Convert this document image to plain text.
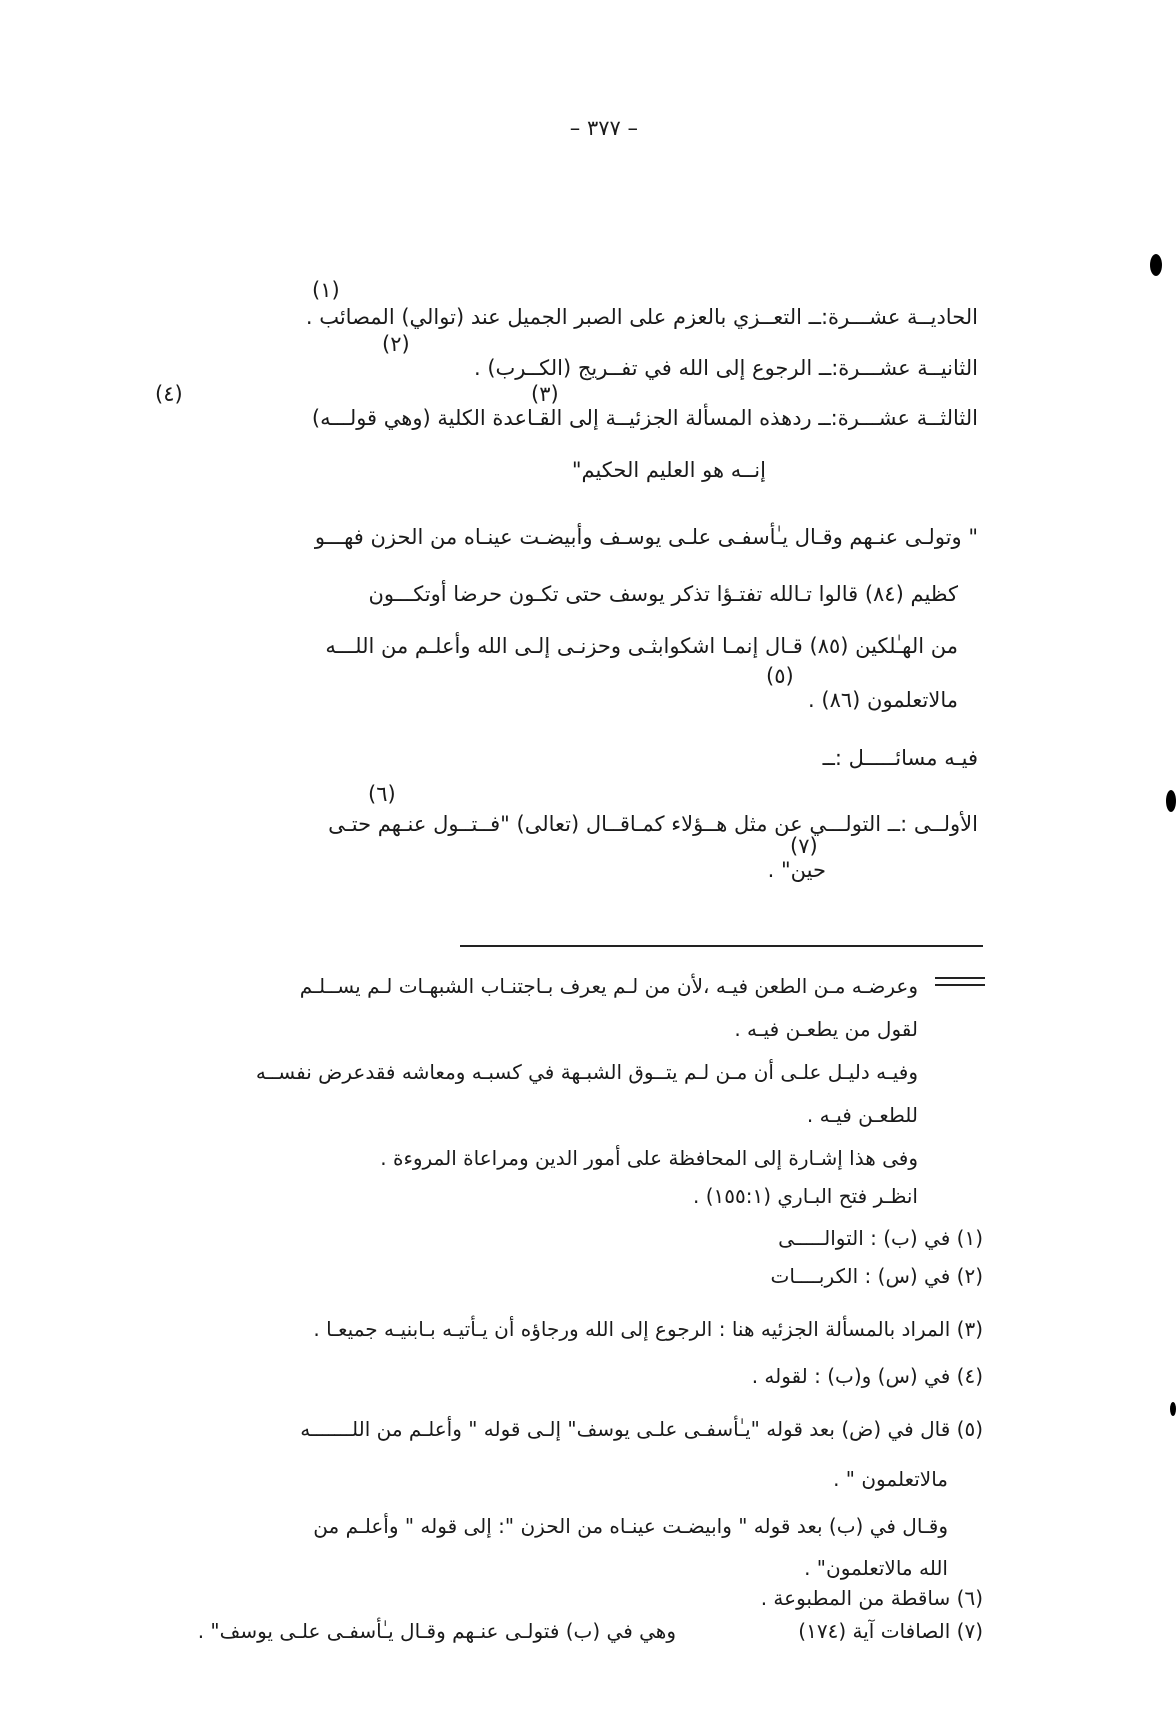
– ٣٧٧ –
(١)
الحاديــة عشـــرة:ــ التعــزي بالعزم على الصبر الجميل عند (توالي) المصائب .
(٢)
الثانيــة عشـــرة:ــ الرجوع إلى الله في تفــريج (الكــرب) .
(٣)
(٤)
الثالثــة عشـــرة:ــ ردهذه المسألة الجزئيــة إلى القـاعدة الكلية (وهي قولـــه)
إنــه هو العليم الحكيم"
" وتولـى عنـهم وقـال يـٰأسفـى علـى يوسـف وأبيضـت عينـاه من الحزن فهـــو
كظيم (٨٤) قالوا تـالله تفتـؤا تذكر يوسف حتى تكـون حرضا أوتكـــون
من الهـٰلكين (٨٥) قـال إنمـا اشكوابثـى وحزنـى إلـى الله وأعلـم من اللـــه
(٥)
مالاتعلمون (٨٦) .
فيـه مسائـــــل :ــ
(٦)
الأولــى :ــ التولـــي عن مثل هــؤلاء كمـاقــال (تعالى) "فــتــول عنـهم حتـى
(٧)
حين" .
وعرضـه مـن الطعن فيـه ،لأن من لـم يعرف بـاجتنـاب الشبهـات لـم يســلـم
لقول من يطعـن فيـه .
وفيـه دليـل علـى أن مـن لـم يتــوق الشبـهة في كسبـه ومعاشه فقدعرض نفســه
للطعـن فيـه .
وفى هذا إشـارة إلى المحافظة على أمور الدين ومراعاة المروءة .
انظـر فتح البـاري (١٥٥:١) .
(١) في (ب) : التوالـــــى
(٢) في (س) : الكربــــات
(٣) المراد بالمسألة الجزئيه هنا : الرجوع إلى الله ورجاؤه أن يـأتيـه بـابنيـه جميعـا .
(٤) في (س) و(ب) : لقوله .
(٥) قال في (ض) بعد قوله "يـٰأسفـى علـى يوسف" إلـى قوله " وأعلـم من اللـــــــه
مالاتعلمون " .
وقـال في (ب) بعد قوله " وابيضـت عينـاه من الحزن ": إلى قوله " وأعلـم من
الله مالاتعلمون" .
(٦) ساقطة من المطبوعة .
(٧) الصافات آية (١٧٤)
وهي في (ب) فتولـى عنـهم وقـال يـٰأسفـى علـى يوسف" .
